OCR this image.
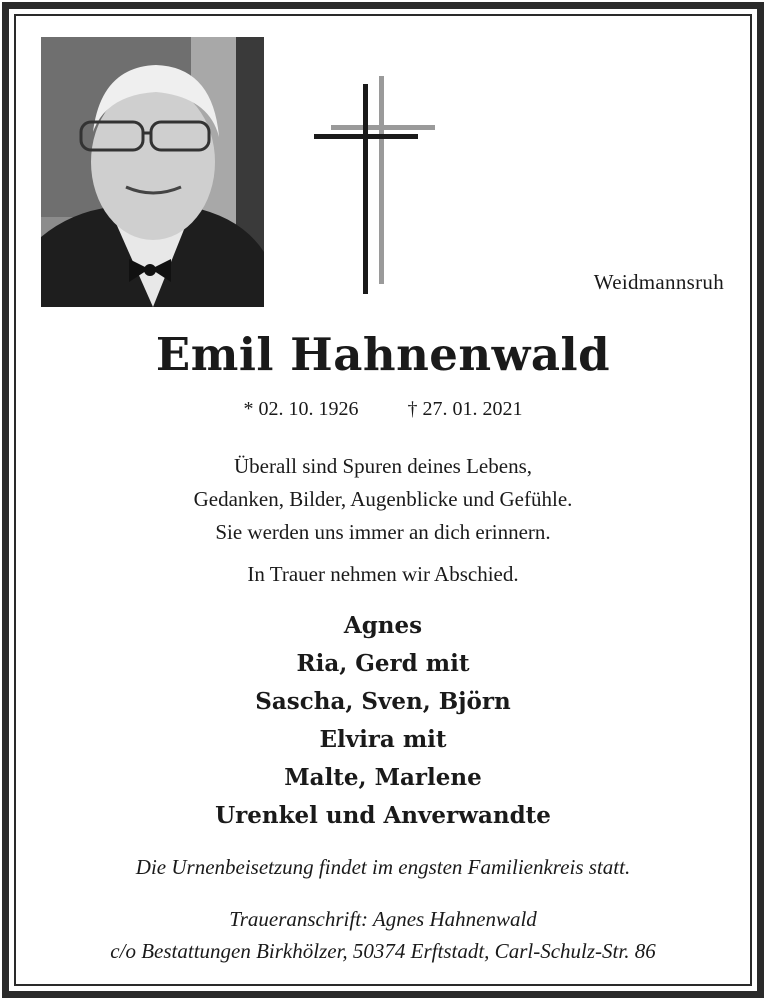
Weidmannsruh
Emil Hahnenwald
* 02. 10. 1926 † 27. 01. 2021
Überall sind Spuren deines Lebens,
Gedanken, Bilder, Augenblicke und Gefühle.
Sie werden uns immer an dich erinnern.
In Trauer nehmen wir Abschied.
Agnes
Ria, Gerd mit
Sascha, Sven, Björn
Elvira mit
Malte, Marlene
Urenkel und Anverwandte
Die Urnenbeisetzung findet im engsten Familienkreis statt.
Traueranschrift: Agnes Hahnenwald
c/o Bestattungen Birkhölzer, 50374 Erftstadt, Carl-Schulz-Str. 86
